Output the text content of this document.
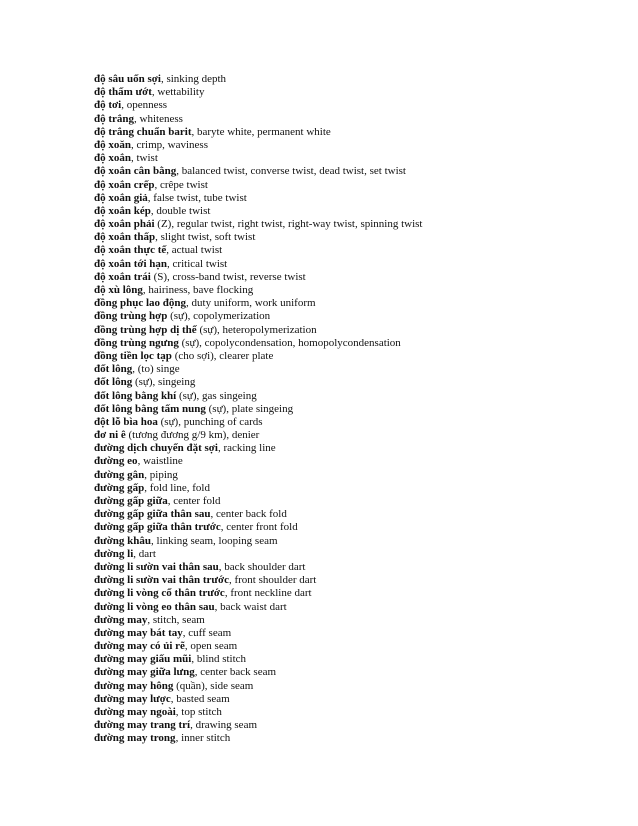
độ sâu uốn sợi, sinking depth
độ thấm ướt, wettability
độ tơi, openness
độ trắng, whiteness
độ trắng chuẩn barit, baryte white, permanent white
độ xoăn, crimp, waviness
độ xoắn, twist
độ xoắn cân bằng, balanced twist, converse twist, dead twist, set twist
độ xoắn crếp, crêpe twist
độ xoắn giả, false twist, tube twist
độ xoắn kép, double twist
độ xoắn phải (Z), regular twist, right twist, right-way twist, spinning twist
độ xoắn thấp, slight twist, soft twist
độ xoắn thực tế, actual twist
độ xoắn tới hạn, critical twist
độ xoắn trái (S), cross-band twist, reverse twist
độ xù lông, hairiness, bave flocking
đồng phục lao động, duty uniform, work uniform
đồng trùng hợp (sự), copolymerization
đồng trùng hợp dị thể (sự), heteropolymerization
đồng trùng ngưng (sự), copolycondensation, homopolycondensation
đồng tiền lọc tạp (cho sợi), clearer plate
đốt lông, (to) singe
đốt lông (sự), singeing
đốt lông bằng khí (sự), gas singeing
đốt lông bằng tấm nung (sự), plate singeing
đột lỗ bìa hoa (sự), punching of cards
đơ ni ê (tương đương g/9 km), denier
đường dịch chuyển đặt sợi, racking line
đường eo, waistline
đường gân, piping
đường gấp, fold line, fold
đường gấp giữa, center fold
đường gấp giữa thân sau, center back fold
đường gấp giữa thân trước, center front fold
đường khâu, linking seam, looping seam
đường li, dart
đường li sườn vai thân sau, back shoulder dart
đường li sườn vai thân trước, front shoulder dart
đường li vòng cổ thân trước, front neckline dart
đường li vòng eo thân sau, back waist dart
đường may, stitch, seam
đường may bát tay, cuff seam
đường may có ủi rẽ, open seam
đường may giấu mũi, blind stitch
đường may giữa lưng, center back seam
đường may hông (quần), side seam
đường may lược, basted seam
đường may ngoài, top stitch
đường may trang trí, drawing seam
đường may trong, inner stitch
